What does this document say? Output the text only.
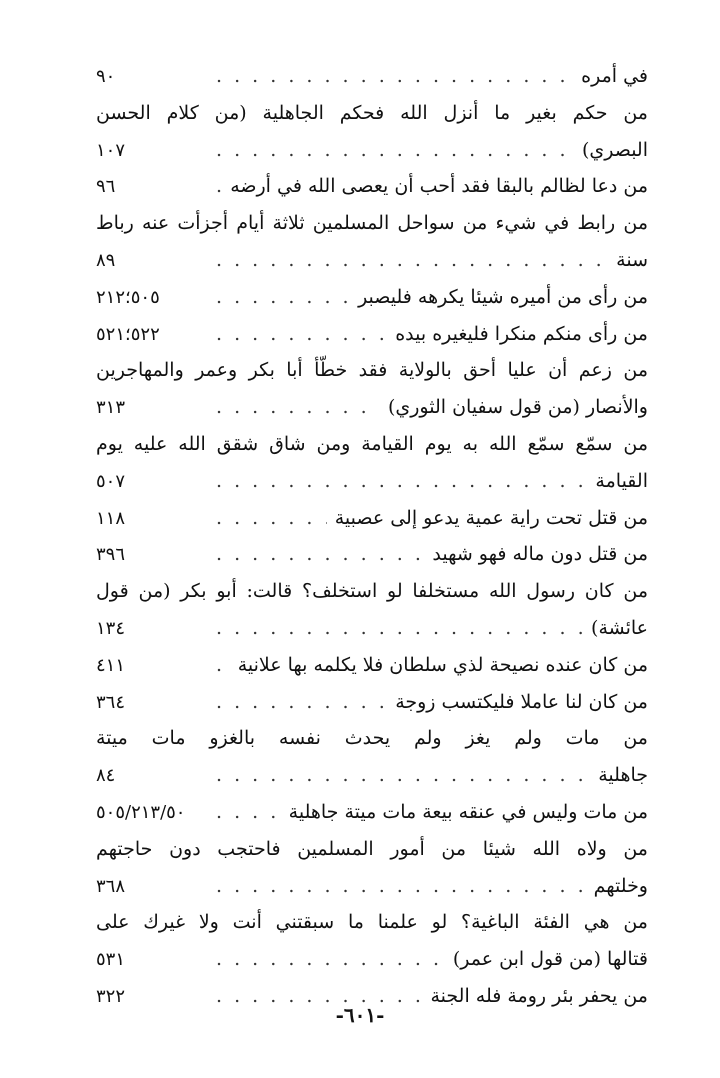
في أمره
. . .
٩٠
من حكم بغير ما أنزل الله فحكم الجاهلية (من كلام الحسن
البصري)
. . .
١٠٧
من دعا لظالم بالبقا فقد أحب أن يعصى الله في أرضه
. . .
٩٦
من رابط في شيء من سواحل المسلمين ثلاثة أيام أجزأت عنه رباط
سنة
. . .
٨٩
من رأى من أميره شيئا يكرهه فليصبر
. . .
٥٠٥؛٢١٢
من رأى منكم منكرا فليغيره بيده
. . .
٥٢٢؛٥٢١
من زعم أن عليا أحق بالولاية فقد خطّأ أبا بكر وعمر والمهاجرين
والأنصار (من قول سفيان الثوري)
. . .
٣١٣
من سمّع سمّع الله به يوم القيامة ومن شاق شقق الله عليه يوم
القيامة
. . .
٥٠٧
من قتل تحت راية عمية يدعو إلى عصبية
. . .
١١٨
من قتل دون ماله فهو شهيد
. . .
٣٩٦
من كان رسول الله مستخلفا لو استخلف؟ قالت: أبو بكر (من قول
عائشة)
. . .
١٣٤
من كان عنده نصيحة لذي سلطان فلا يكلمه بها علانية
. . .
٤١١
من كان لنا عاملا فليكتسب زوجة
. . .
٣٦٤
من مات ولم يغز ولم يحدث نفسه بالغزو مات ميتة
جاهلية
. . .
٨٤
من مات وليس في عنقه بيعة مات ميتة جاهلية
. . .
٥٠٥/٢١٣/٥٠
من ولاه الله شيئا من أمور المسلمين فاحتجب دون حاجتهم
وخلتهم
. . .
٣٦٨
من هي الفئة الباغية؟ لو علمنا ما سبقتني أنت ولا غيرك على
قتالها (من قول ابن عمر)
. . .
٥٣١
من يحفر بئر رومة فله الجنة
. . .
٣٢٢
-٦٠١-
